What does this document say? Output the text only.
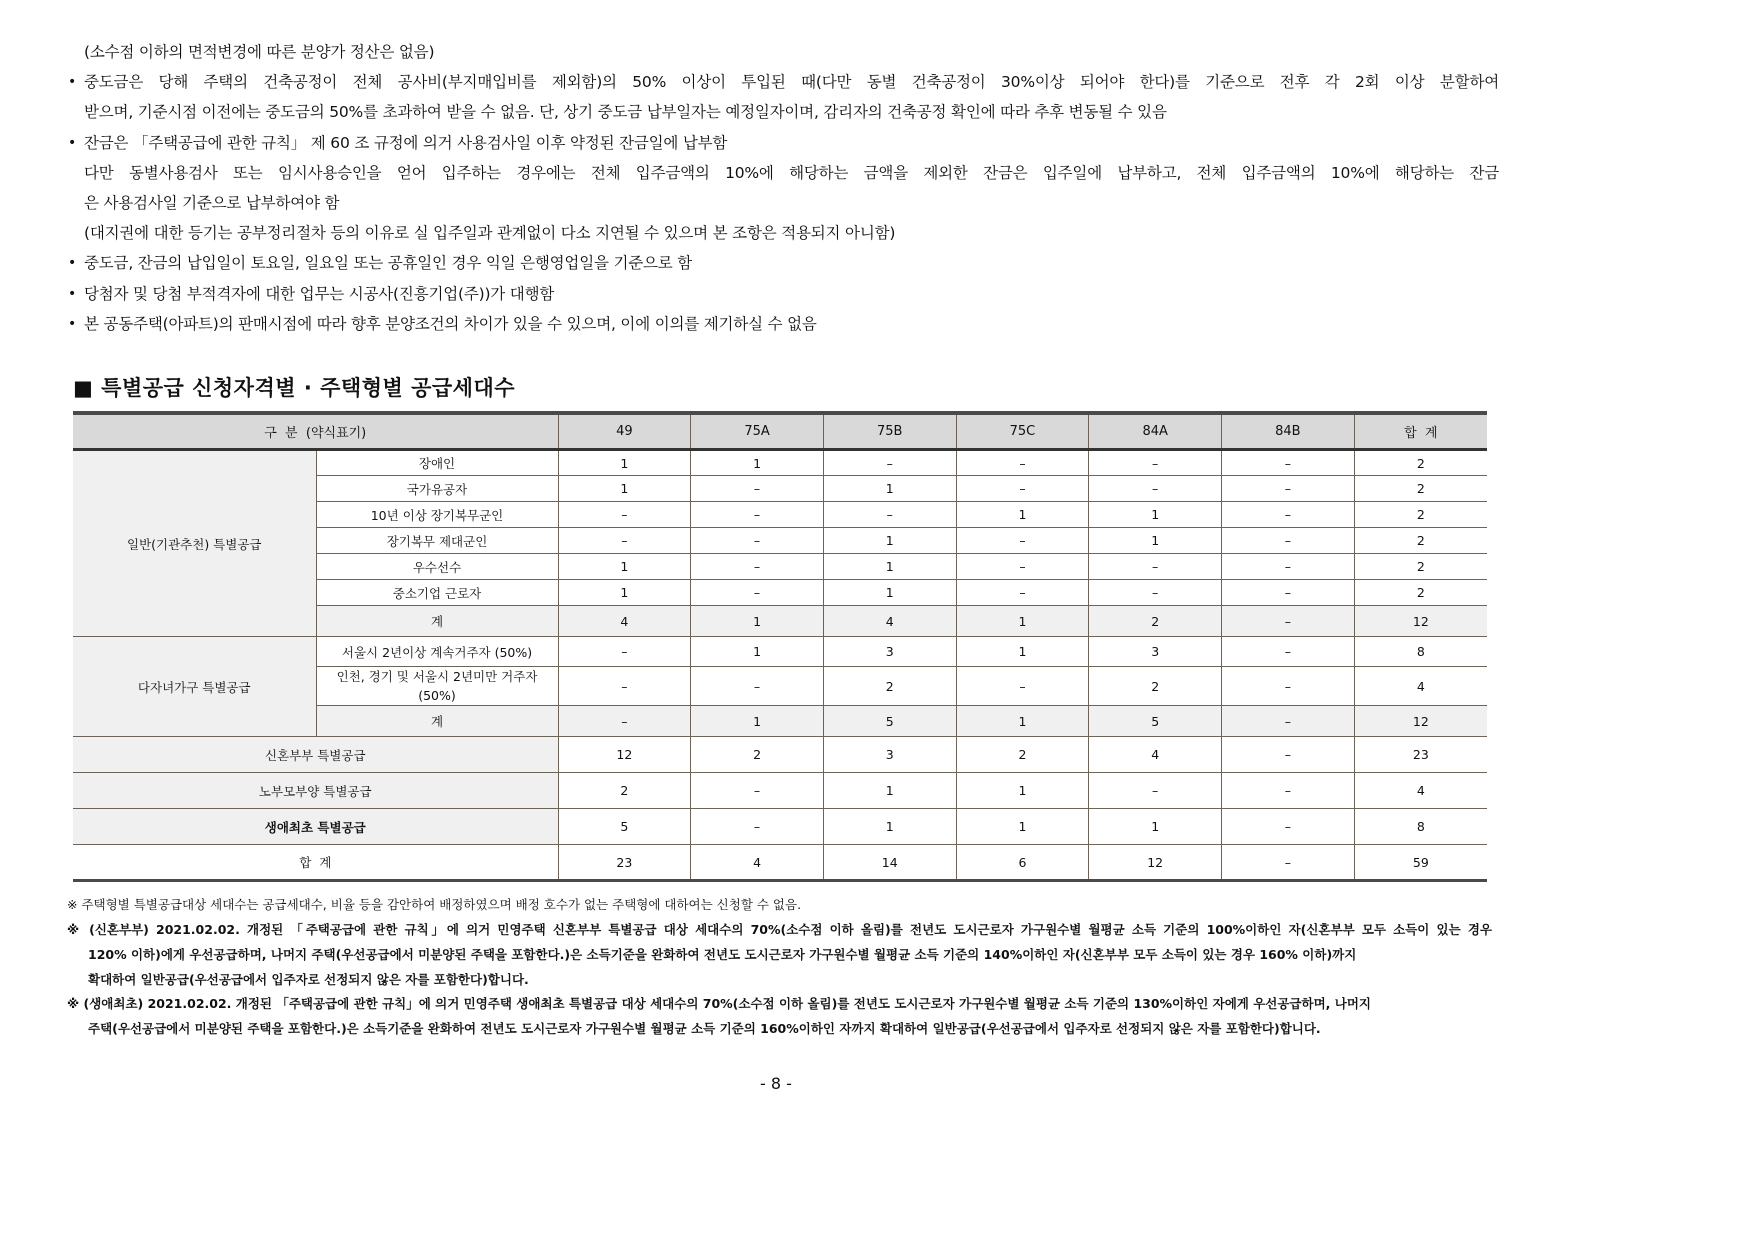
(소수점 이하의 면적변경에 따른 분양가 정산은 없음)
• 중도금은 당해 주택의 건축공정이 전체 공사비(부지매입비를 제외함)의 50% 이상이 투입된 때(다만 동별 건축공정이 30%이상 되어야 한다)를 기준으로 전후 각 2회 이상 분할하여
받으며, 기준시점 이전에는 중도금의 50%를 초과하여 받을 수 없음. 단, 상기 중도금 납부일자는 예정일자이며, 감리자의 건축공정 확인에 따라 추후 변동될 수 있음
• 잔금은 「주택공급에 관한 규칙」 제 60 조 규정에 의거 사용검사일 이후 약정된 잔금일에 납부함
다만 동별사용검사 또는 임시사용승인을 얻어 입주하는 경우에는 전체 입주금액의 10%에 해당하는 금액을 제외한 잔금은 입주일에 납부하고, 전체 입주금액의 10%에 해당하는 잔금
은 사용검사일 기준으로 납부하여야 함
(대지권에 대한 등기는 공부정리절차 등의 이유로 실 입주일과 관계없이 다소 지연될 수 있으며 본 조항은 적용되지 아니함)
• 중도금, 잔금의 납입일이 토요일, 일요일 또는 공휴일인 경우 익일 은행영업일을 기준으로 함
• 당첨자 및 당첨 부적격자에 대한 업무는 시공사(진흥기업(주))가 대행함
• 본 공동주택(아파트)의 판매시점에 따라 향후 분양조건의 차이가 있을 수 있으며, 이에 이의를 제기하실 수 없음
■ 특별공급 신청자격별 · 주택형별 공급세대수
구  분  (약식표기)		49	75A	75B	75C	84A	84B	합  계
일반(기관추천) 특별공급	장애인	1	1	–	–	–	–	2
	국가유공자	1	–	1	–	–	–	2
	10년 이상 장기복무군인	–	–	–	1	1	–	2
	장기복무 제대군인	–	–	1	–	1	–	2
	우수선수	1	–	1	–	–	–	2
	중소기업 근로자	1	–	1	–	–	–	2
	계	4	1	4	1	2	–	12
다자녀가구 특별공급	서울시 2년이상 계속거주자 (50%)	–	1	3	1	3	–	8
	인천, 경기 및 서울시 2년미만 거주자 (50%)	–	–	2	–	2	–	4
	계	–	1	5	1	5	–	12
신혼부부 특별공급		12	2	3	2	4	–	23
노부모부양 특별공급		2	–	1	1	–	–	4
생애최초 특별공급		5	–	1	1	1	–	8
합  계		23	4	14	6	12	–	59
※ 주택형별 특별공급대상 세대수는 공급세대수, 비율 등을 감안하여 배정하였으며 배정 호수가 없는 주택형에 대하여는 신청할 수 없음.
※ (신혼부부) 2021.02.02. 개정된 「주택공급에 관한 규칙」에 의거 민영주택 신혼부부 특별공급 대상 세대수의 70%(소수점 이하 올림)를 전년도 도시근로자 가구원수별 월평균 소득 기준의 100%이하인 자(신혼부부 모두 소득이 있는 경우
120% 이하)에게 우선공급하며, 나머지 주택(우선공급에서 미분양된 주택을 포함한다.)은 소득기준을 완화하여 전년도 도시근로자 가구원수별 월평균 소득 기준의 140%이하인 자(신혼부부 모두 소득이 있는 경우 160% 이하)까지
확대하여 일반공급(우선공급에서 입주자로 선정되지 않은 자를 포함한다)합니다.
※ (생애최초) 2021.02.02. 개정된 「주택공급에 관한 규칙」에 의거 민영주택 생애최초 특별공급 대상 세대수의 70%(소수점 이하 올림)를 전년도 도시근로자 가구원수별 월평균 소득 기준의 130%이하인 자에게 우선공급하며, 나머지
주택(우선공급에서 미분양된 주택을 포함한다.)은 소득기준을 완화하여 전년도 도시근로자 가구원수별 월평균 소득 기준의 160%이하인 자까지 확대하여 일반공급(우선공급에서 입주자로 선정되지 않은 자를 포함한다)합니다.
- 8 -
